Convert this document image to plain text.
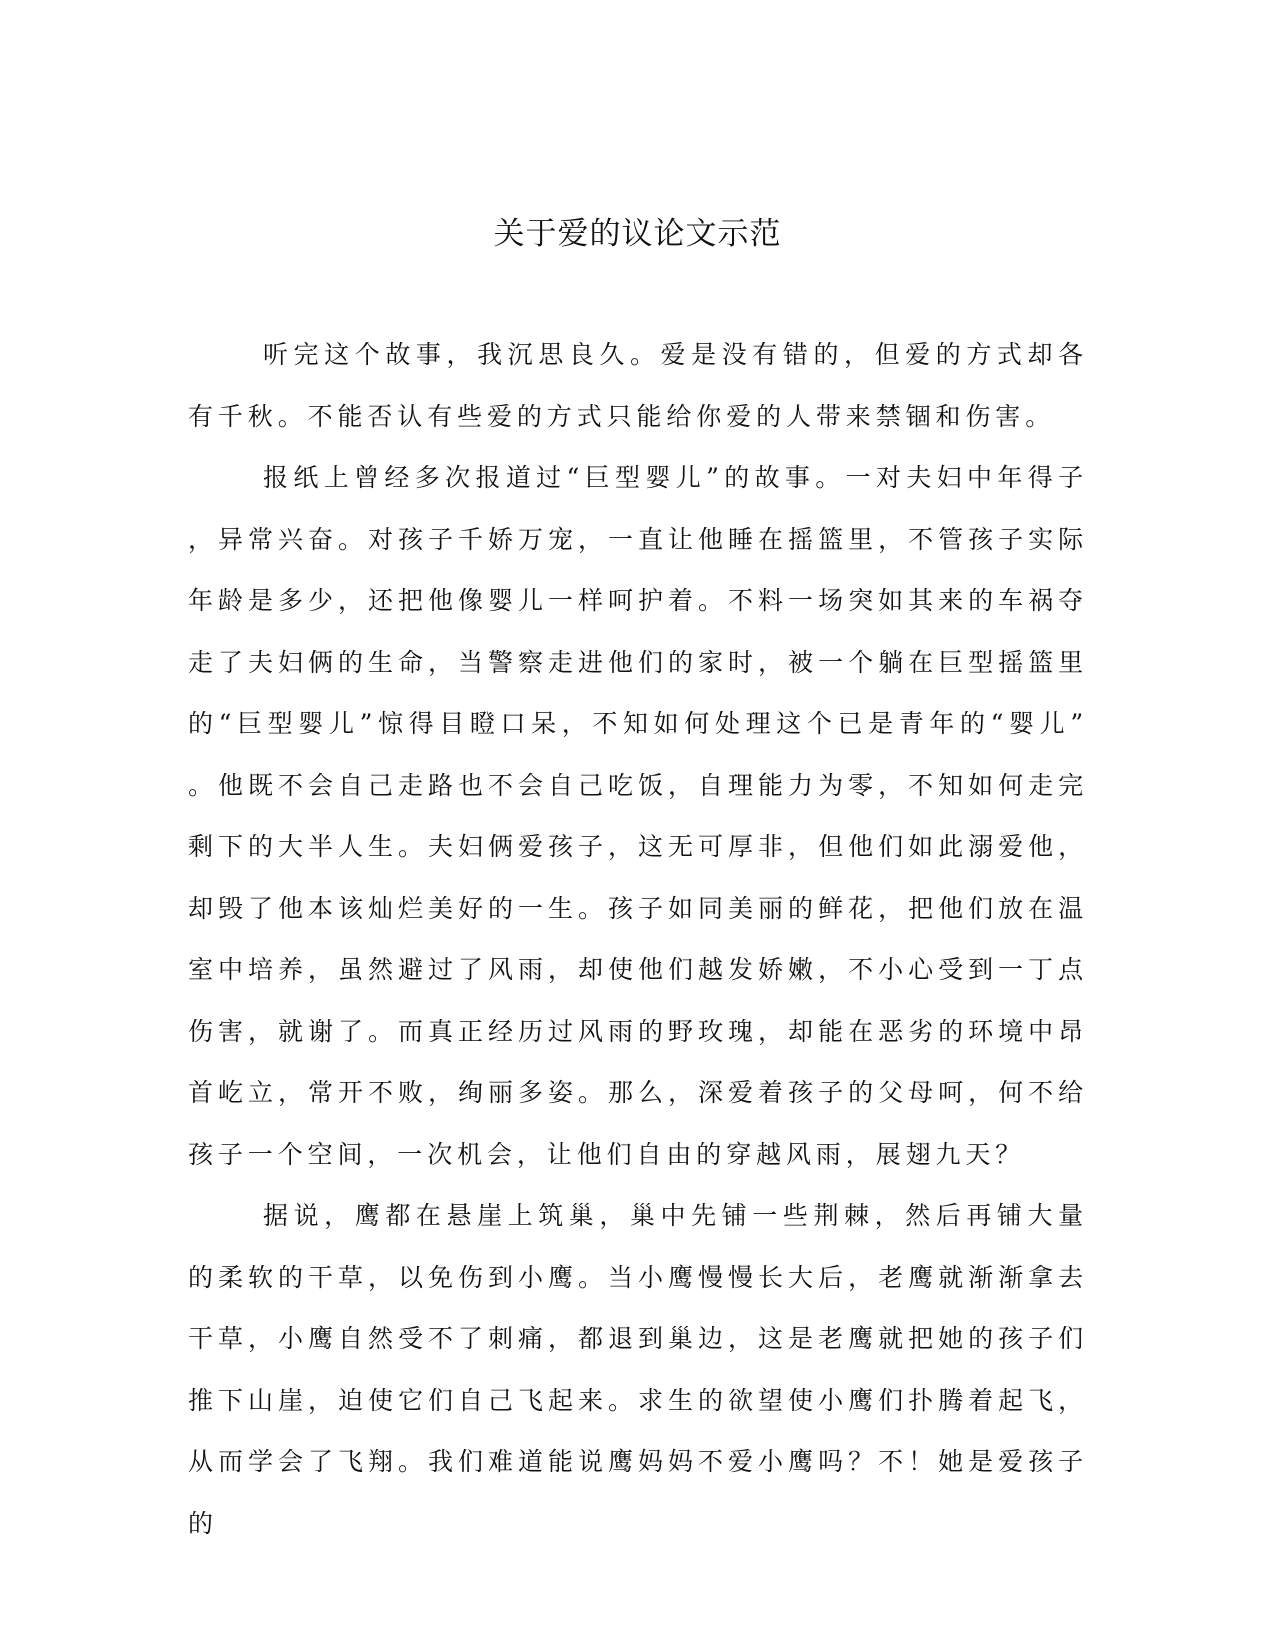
关于爱的议论文示范

听完这个故事，我沉思良久。爱是没有错的，但爱的方式却各有千秋。不能否认有些爱的方式只能给你爱的人带来禁锢和伤害。

报纸上曾经多次报道过“巨型婴儿”的故事。一对夫妇中年得子，异常兴奋。对孩子千娇万宠，一直让他睡在摇篮里，不管孩子实际年龄是多少，还把他像婴儿一样呵护着。不料一场突如其来的车祸夺走了夫妇俩的生命，当警察走进他们的家时，被一个躺在巨型摇篮里的“巨型婴儿”惊得目瞪口呆，不知如何处理这个已是青年的“婴儿”。他既不会自己走路也不会自己吃饭，自理能力为零，不知如何走完剩下的大半人生。夫妇俩爱孩子，这无可厚非，但他们如此溺爱他，却毁了他本该灿烂美好的一生。孩子如同美丽的鲜花，把他们放在温室中培养，虽然避过了风雨，却使他们越发娇嫩，不小心受到一丁点伤害，就谢了。而真正经历过风雨的野玫瑰，却能在恶劣的环境中昂首屹立，常开不败，绚丽多姿。那么，深爱着孩子的父母呵，何不给孩子一个空间，一次机会，让他们自由的穿越风雨，展翅九天？

据说，鹰都在悬崖上筑巢，巢中先铺一些荆棘，然后再铺大量的柔软的干草，以免伤到小鹰。当小鹰慢慢长大后，老鹰就渐渐拿去干草，小鹰自然受不了刺痛，都退到巢边，这是老鹰就把她的孩子们推下山崖，迫使它们自己飞起来。求生的欲望使小鹰们扑腾着起飞，从而学会了飞翔。我们难道能说鹰妈妈不爱小鹰吗？不！她是爱孩子的
